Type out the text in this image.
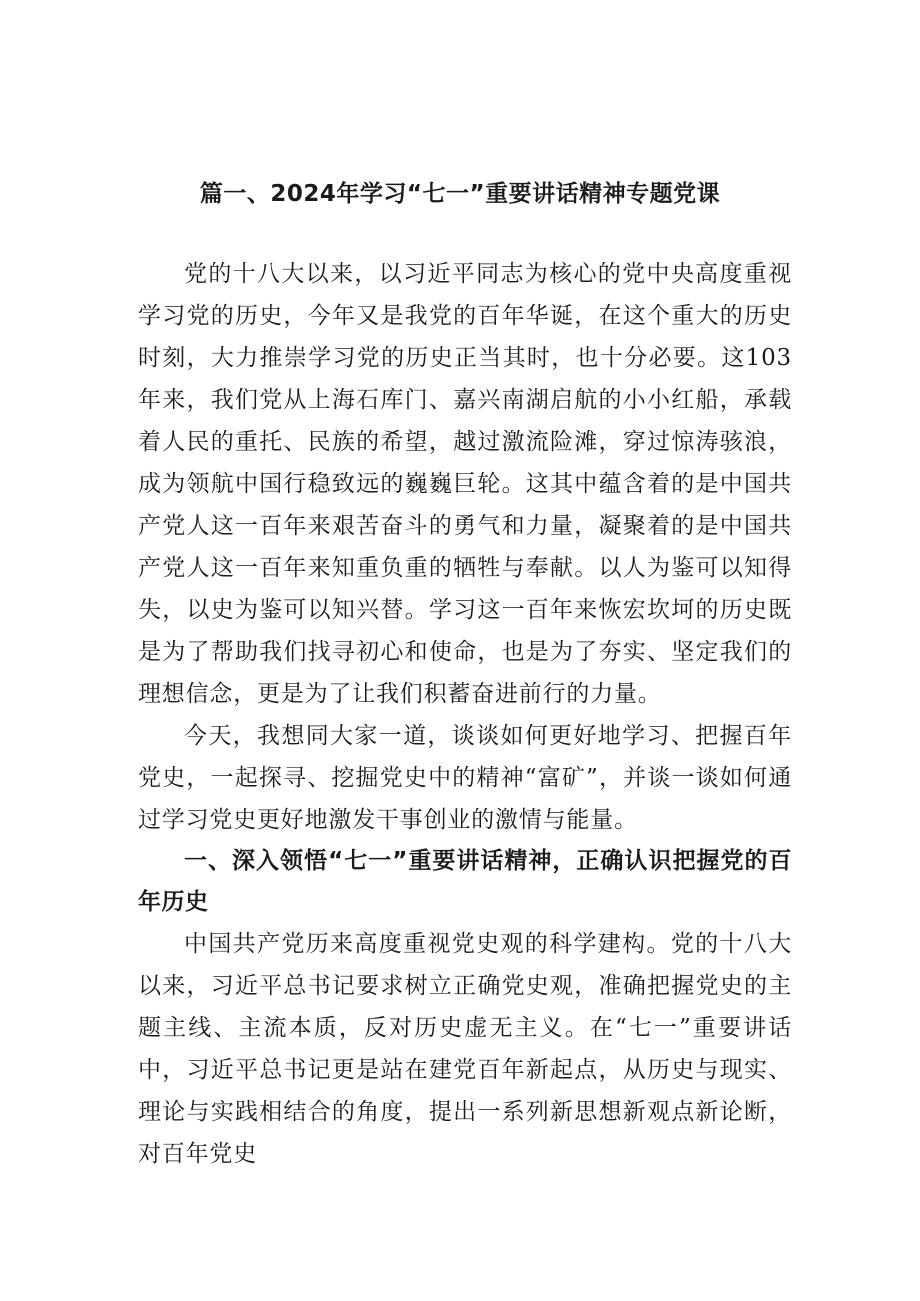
篇一、2024年学习“七一”重要讲话精神专题党课

党的十八大以来，以习近平同志为核心的党中央高度重视学习党的历史，今年又是我党的百年华诞，在这个重大的历史时刻，大力推崇学习党的历史正当其时，也十分必要。这103年来，我们党从上海石库门、嘉兴南湖启航的小小红船，承载着人民的重托、民族的希望，越过激流险滩，穿过惊涛骇浪，成为领航中国行稳致远的巍巍巨轮。这其中蕴含着的是中国共产党人这一百年来艰苦奋斗的勇气和力量，凝聚着的是中国共产党人这一百年来知重负重的牺牲与奉献。以人为鉴可以知得失，以史为鉴可以知兴替。学习这一百年来恢宏坎坷的历史既是为了帮助我们找寻初心和使命，也是为了夯实、坚定我们的理想信念，更是为了让我们积蓄奋进前行的力量。

今天，我想同大家一道，谈谈如何更好地学习、把握百年党史，一起探寻、挖掘党史中的精神“富矿”，并谈一谈如何通过学习党史更好地激发干事创业的激情与能量。

一、深入领悟“七一”重要讲话精神，正确认识把握党的百年历史

中国共产党历来高度重视党史观的科学建构。党的十八大以来，习近平总书记要求树立正确党史观，准确把握党史的主题主线、主流本质，反对历史虚无主义。在“七一”重要讲话中，习近平总书记更是站在建党百年新起点，从历史与现实、理论与实践相结合的角度，提出一系列新思想新观点新论断，对百年党史
